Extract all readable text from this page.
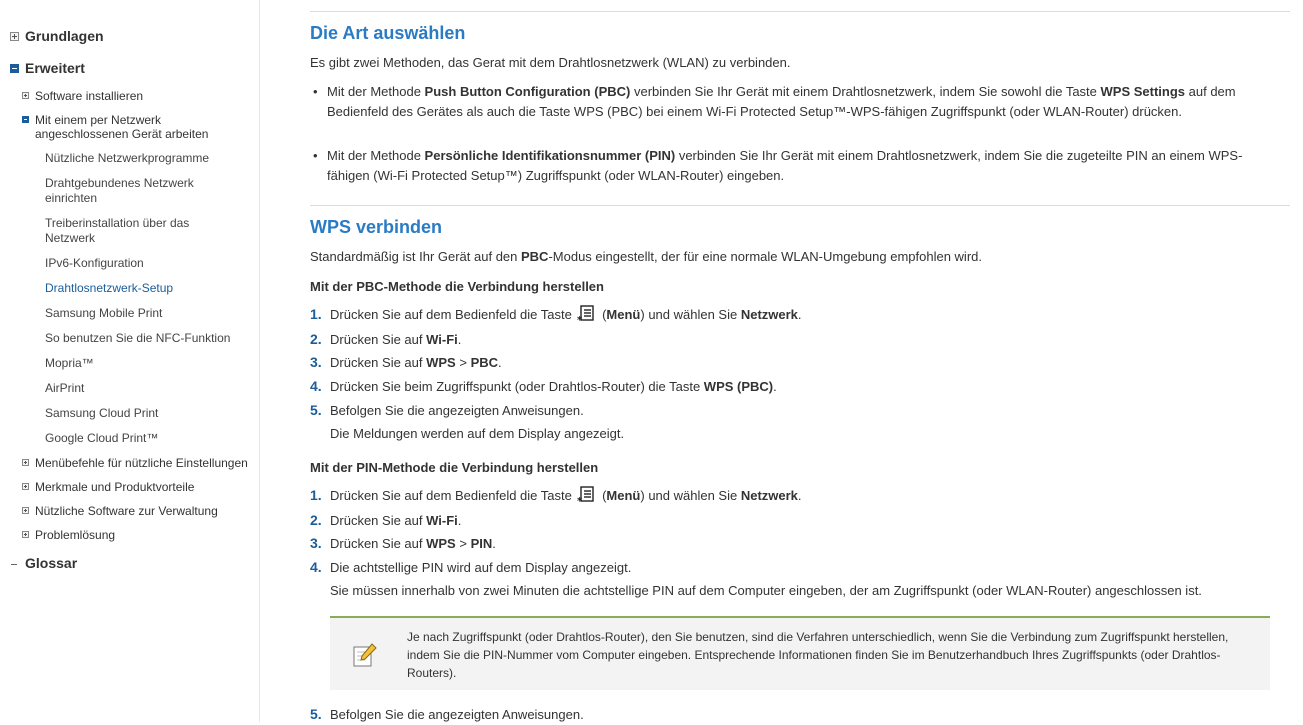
Grundlagen
Erweitert
Software installieren
Mit einem per Netzwerk
angeschlossenen Gerät arbeiten
Nützliche Netzwerkprogramme
Drahtgebundenes Netzwerk
einrichten
Treiberinstallation über das
Netzwerk
IPv6-Konfiguration
Drahtlosnetzwerk-Setup
Samsung Mobile Print
So benutzen Sie die NFC-Funktion
Mopria™
AirPrint
Samsung Cloud Print
Google Cloud Print™
Menübefehle für nützliche Einstellungen
Merkmale und Produktvorteile
Nützliche Software zur Verwaltung
Problemlösung
Glossar
Die Art auswählen
Es gibt zwei Methoden, das Gerat mit dem Drahtlosnetzwerk (WLAN) zu verbinden.
• Mit der Methode Push Button Configuration (PBC) verbinden Sie Ihr Gerät mit einem Drahtlosnetzwerk, indem Sie sowohl die Taste WPS Settings auf dem Bedienfeld des Gerätes als auch die Taste WPS (PBC) bei einem Wi-Fi Protected Setup™-WPS-fähigen Zugriffspunkt (oder WLAN-Router) drücken.
• Mit der Methode Persönliche Identifikationsnummer (PIN) verbinden Sie Ihr Gerät mit einem Drahtlosnetzwerk, indem Sie die zugeteilte PIN an einem WPS-fähigen (Wi-Fi Protected Setup™) Zugriffspunkt (oder WLAN-Router) eingeben.
WPS verbinden
Standardmäßig ist Ihr Gerät auf den PBC-Modus eingestellt, der für eine normale WLAN-Umgebung empfohlen wird.
Mit der PBC-Methode die Verbindung herstellen
1. Drücken Sie auf dem Bedienfeld die Taste * (Menü) und wählen Sie Netzwerk.
2. Drücken Sie auf Wi-Fi.
3. Drücken Sie auf WPS > PBC.
4. Drücken Sie beim Zugriffspunkt (oder Drahtlos-Router) die Taste WPS (PBC).
5. Befolgen Sie die angezeigten Anweisungen.
Die Meldungen werden auf dem Display angezeigt.
Mit der PIN-Methode die Verbindung herstellen
1. Drücken Sie auf dem Bedienfeld die Taste * (Menü) und wählen Sie Netzwerk.
2. Drücken Sie auf Wi-Fi.
3. Drücken Sie auf WPS > PIN.
4. Die achtstellige PIN wird auf dem Display angezeigt.
Sie müssen innerhalb von zwei Minuten die achtstellige PIN auf dem Computer eingeben, der am Zugriffspunkt (oder WLAN-Router) angeschlossen ist.
Je nach Zugriffspunkt (oder Drahtlos-Router), den Sie benutzen, sind die Verfahren unterschiedlich, wenn Sie die Verbindung zum Zugriffspunkt herstellen, indem Sie die PIN-Nummer vom Computer eingeben. Entsprechende Informationen finden Sie im Benutzerhandbuch Ihres Zugriffspunkts (oder Drahtlos-Routers).
5. Befolgen Sie die angezeigten Anweisungen.
